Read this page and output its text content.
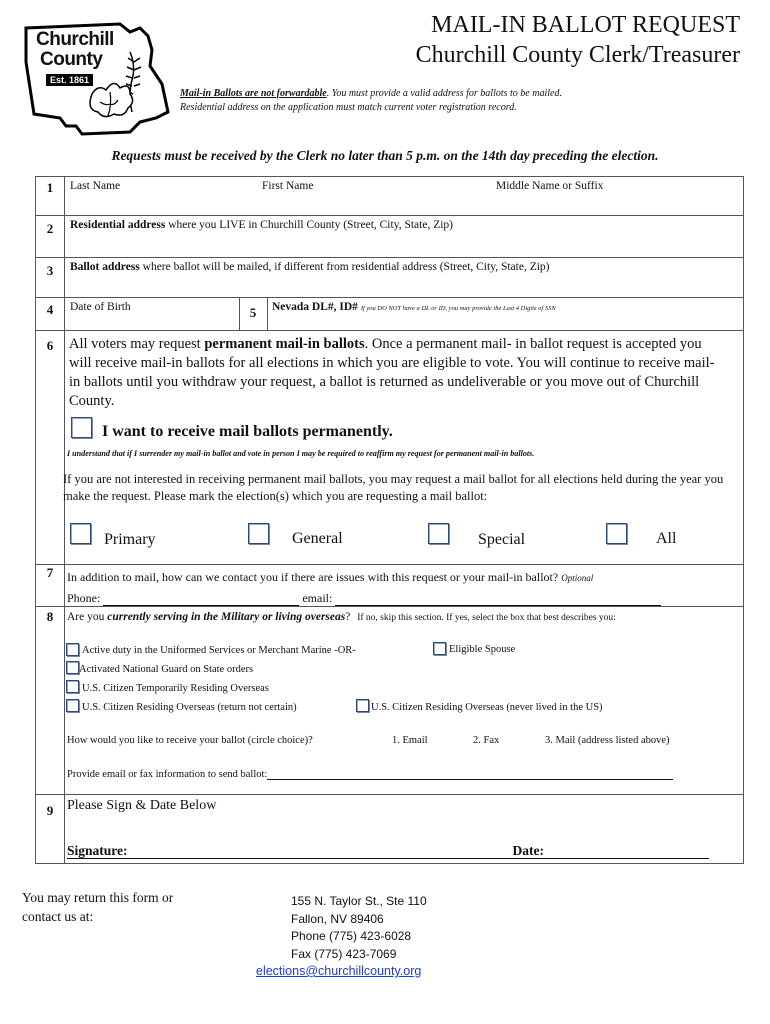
Churchill
County
Est. 1861
MAIL-IN BALLOT REQUEST
Churchill County Clerk/Treasurer
Mail-in Ballots are not forwardable. You must provide a valid address for ballots to be mailed.
Residential address on the application must match current voter registration record.
Requests must be received by the Clerk no later than 5 p.m. on the 14th day preceding the election.
1	Last Name	First Name	Middle Name or Suffix
2	Residential address where you LIVE in Churchill County (Street, City, State, Zip)
3	Ballot address where ballot will be mailed, if different from residential address (Street, City, State, Zip)
4	Date of Birth	5	Nevada DL#, ID# If you DO NOT have a DL or ID, you may provide the Last 4 Digits of SSN
6	All voters may request permanent mail-in ballots. Once a permanent mail- in ballot request is accepted you will receive mail-in ballots for all elections in which you are eligible to vote. You will continue to receive mail-in ballots until you withdraw your request, a ballot is returned as undeliverable or you move out of Churchill County.
I want to receive mail ballots permanently.
I understand that if I surrender my mail-in ballot and vote in person I may be required to reaffirm my request for permanent mail-in ballots.
If you are not interested in receiving permanent mail ballots, you may request a mail ballot for all elections held during the year you make the request. Please mark the election(s) which you are requesting a mail ballot:
Primary	General	Special	All
7	In addition to mail, how can we contact you if there are issues with this request or your mail-in ballot? Optional
Phone:	email:
8	Are you currently serving in the Military or living overseas? If no, skip this section. If yes, select the box that best describes you:
Active duty in the Uniformed Services or Merchant Marine -OR-	Eligible Spouse
Activated National Guard on State orders
U.S. Citizen Temporarily Residing Overseas
U.S. Citizen Residing Overseas (return not certain)	U.S. Citizen Residing Overseas (never lived in the US)
How would you like to receive your ballot (circle choice)?	1. Email	2. Fax	3. Mail (address listed above)
Provide email or fax information to send ballot:
9 Please Sign & Date Below
Signature:	Date:
You may return this form or
contact us at:
155 N. Taylor St., Ste 110
Fallon, NV 89406
Phone (775) 423-6028
Fax (775) 423-7069
elections@churchillcounty.org
